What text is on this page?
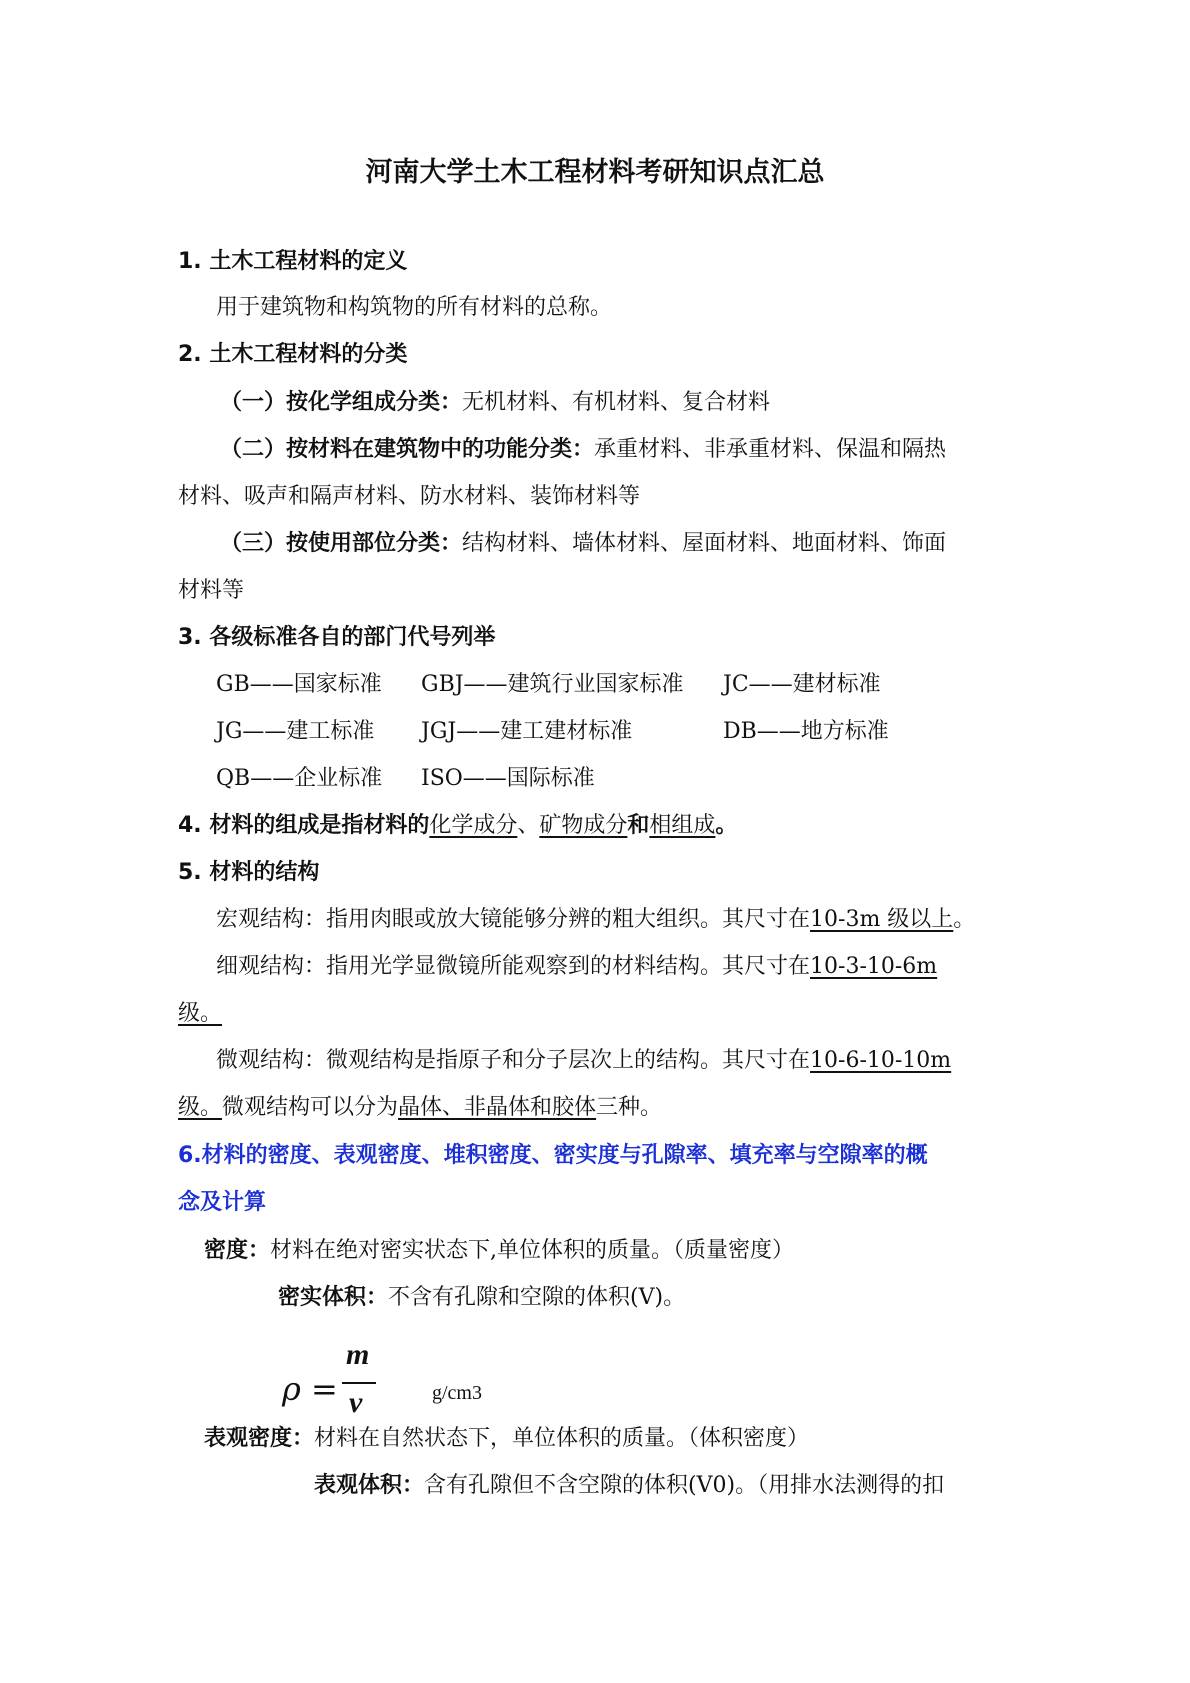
河南大学土木工程材料考研知识点汇总
1. 土木工程材料的定义
用于建筑物和构筑物的所有材料的总称。
2. 土木工程材料的分类
（一）按化学组成分类：无机材料、有机材料、复合材料
（二）按材料在建筑物中的功能分类：承重材料、非承重材料、保温和隔热
材料、吸声和隔声材料、防水材料、装饰材料等
（三）按使用部位分类：结构材料、墙体材料、屋面材料、地面材料、饰面
材料等
3. 各级标准各自的部门代号列举
GB——国家标准 GBJ——建筑行业国家标准 JC——建材标准
JG——建工标准 JGJ——建工建材标准	DB——地方标准
QB——企业标准 ISO——国际标准
4. 材料的组成是指材料的化学成分、矿物成分和相组成。
5. 材料的结构
宏观结构：指用肉眼或放大镜能够分辨的粗大组织。其尺寸在10-3m 级以上。
细观结构：指用光学显微镜所能观察到的材料结构。其尺寸在10-3-10-6m
级。
微观结构：微观结构是指原子和分子层次上的结构。其尺寸在10-6-10-10m
级。微观结构可以分为晶体、非晶体和胶体三种。
6.材料的密度、表观密度、堆积密度、密实度与孔隙率、填充率与空隙率的概
念及计算
密度：材料在绝对密实状态下,单位体积的质量。（质量密度）
密实体积：不含有孔隙和空隙的体积(V)。
ρ =
m
v	g/cm3
表观密度：材料在自然状态下，单位体积的质量。（体积密度）
表观体积：含有孔隙但不含空隙的体积(V0)。（用排水法测得的扣
